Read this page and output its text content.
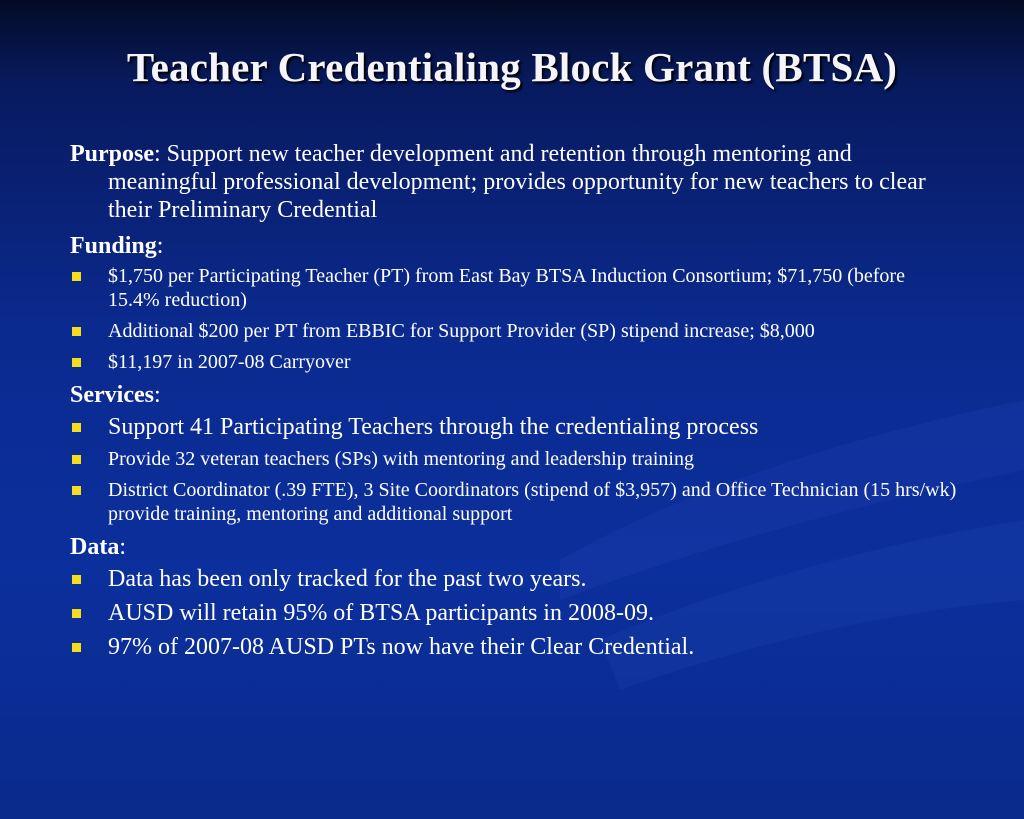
Teacher Credentialing Block Grant (BTSA)
Purpose: Support new teacher development and retention through mentoring and meaningful professional development; provides opportunity for new teachers to clear their Preliminary Credential
Funding:
$1,750 per Participating Teacher (PT) from East Bay BTSA Induction Consortium; $71,750 (before 15.4% reduction)
Additional $200 per PT from EBBIC for Support Provider (SP) stipend increase; $8,000
$11,197 in 2007-08 Carryover
Services:
Support 41 Participating Teachers through the credentialing process
Provide 32 veteran teachers (SPs) with mentoring and leadership training
District Coordinator (.39 FTE), 3 Site Coordinators (stipend of $3,957) and Office Technician (15 hrs/wk) provide training, mentoring and additional support
Data:
Data has been only tracked for the past two years.
AUSD will retain 95% of BTSA participants in 2008-09.
97% of 2007-08 AUSD PTs now have their Clear Credential.
